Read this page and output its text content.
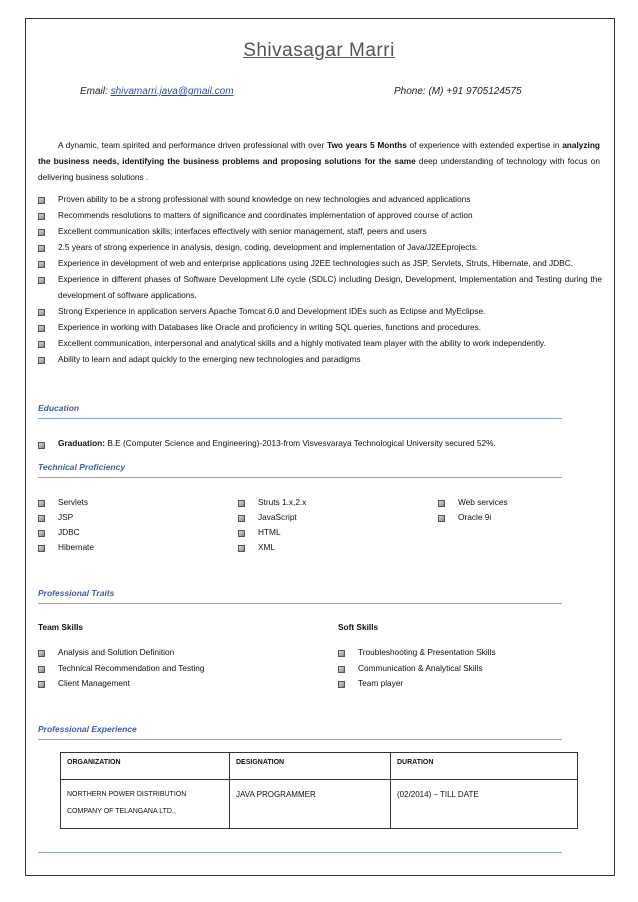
Shivasagar Marri
Email: shivamarri.java@gmail.com	Phone: (M) +91 9705124575
A dynamic, team spirited and performance driven professional with over Two years 5 Months of experience with extended expertise in analyzing the business needs, identifying the business problems and proposing solutions for the same deep understanding of technology with focus on delivering business solutions .
Proven ability to be a strong professional with sound knowledge on new technologies and advanced applications
Recommends resolutions to matters of significance and coordinates implementation of approved course of action
Excellent communication skills; interfaces effectively with senior management, staff, peers and users
2.5 years of strong experience in analysis, design, coding, development and implementation of Java/J2EEprojects.
Experience in development of web and enterprise applications using J2EE technologies such as JSP, Servlets, Struts, Hibernate, and JDBC.
Experience in different phases of Software Development Life cycle (SDLC) including Design, Development, Implementation and Testing during the development of software applications.
Strong Experience in application servers Apache Tomcat 6.0 and Development IDEs such as Eclipse and MyEclipse.
Experience in working with Databases like Oracle and proficiency in writing SQL queries, functions and procedures.
Excellent communication, interpersonal and analytical skills and a highly motivated team player with the ability to work independently.
Ability to learn and adapt quickly to the emerging new technologies and paradigms
Education
Graduation: B.E (Computer Science and Engineering)-2013-from Visvesvaraya Technological University secured 52%.
Technical Proficiency
Servlets
JSP
JDBC
Hibernate
Struts 1.x,2.x
JavaScript
HTML
XML
Web services
Oracle 9i
Professional Traits
Team Skills	Soft Skills
Analysis and Solution Definition
Technical Recommendation and Testing
Client Management
Troubleshooting & Presentation Skills
Communication & Analytical Skills
Team player
Professional Experience
ORGANIZATION	DESIGNATION	DURATION
NORTHERN POWER DISTRIBUTION COMPANY OF TELANGANA LTD.,	JAVA PROGRAMMER	(02/2014) – TILL DATE
